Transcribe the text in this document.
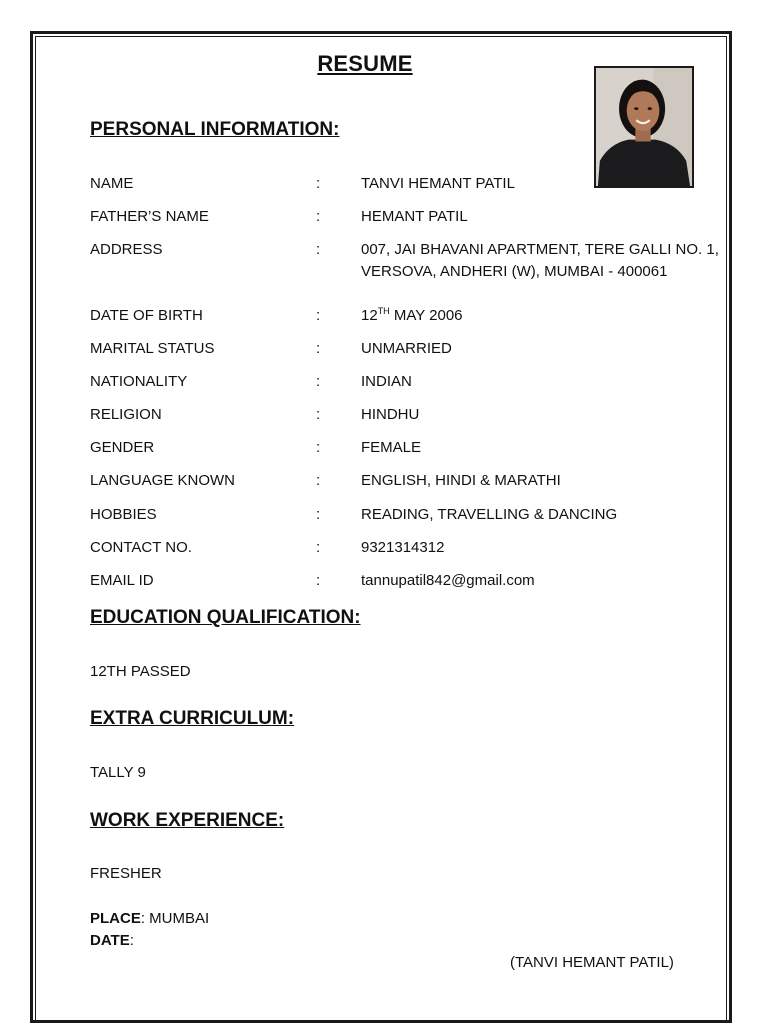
RESUME
PERSONAL INFORMATION:
NAME	:	TANVI HEMANT PATIL
FATHER’S NAME	:	HEMANT PATIL
ADDRESS	:	007, JAI BHAVANI APARTMENT, TERE GALLI NO. 1,
VERSOVA, ANDHERI (W), MUMBAI - 400061
DATE OF BIRTH	:	12TH MAY 2006
MARITAL STATUS	:	UNMARRIED
NATIONALITY	:	INDIAN
RELIGION	:	HINDHU
GENDER	:	FEMALE
LANGUAGE KNOWN	:	ENGLISH, HINDI & MARATHI
HOBBIES	:	READING, TRAVELLING & DANCING
CONTACT NO.	:	9321314312
EMAIL ID	:	tannupatil842@gmail.com
EDUCATION QUALIFICATION:
12TH PASSED
EXTRA CURRICULUM:
TALLY 9
WORK EXPERIENCE:
FRESHER
PLACE: MUMBAI
DATE:
(TANVI HEMANT PATIL)
